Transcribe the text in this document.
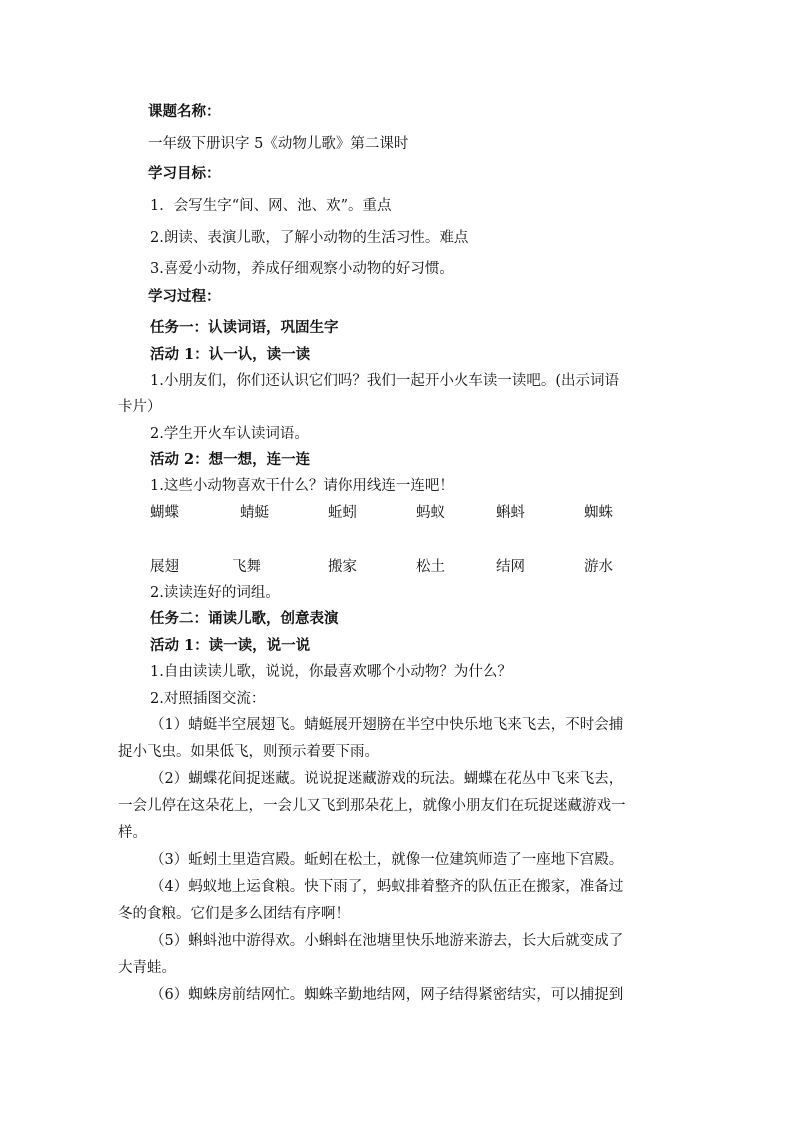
课题名称：
一年级下册识字 5《动物儿歌》第二课时
学习目标：
1．会写生字“间、网、池、欢”。重点
2.朗读、表演儿歌，了解小动物的生活习性。难点
3.喜爱小动物，养成仔细观察小动物的好习惯。
学习过程：
任务一：认读词语，巩固生字
活动 1：认一认，读一读
1.小朋友们，你们还认识它们吗？我们一起开小火车读一读吧。(出示词语
卡片）
2.学生开火车认读词语。
活动 2：想一想，连一连
1.这些小动物喜欢干什么？请你用线连一连吧！
蝴蝶	蜻蜓	蚯蚓	蚂蚁	蝌蚪	蜘蛛
展翅	飞舞	搬家	松土	结网	游水
2.读读连好的词组。
任务二：诵读儿歌，创意表演
活动 1：读一读，说一说
1.自由读读儿歌，说说，你最喜欢哪个小动物？为什么？
2.对照插图交流：
（1）蜻蜓半空展翅飞。蜻蜓展开翅膀在半空中快乐地飞来飞去，不时会捕
捉小飞虫。如果低飞，则预示着要下雨。
（2）蝴蝶花间捉迷藏。说说捉迷藏游戏的玩法。蝴蝶在花丛中飞来飞去，
一会儿停在这朵花上，一会儿又飞到那朵花上，就像小朋友们在玩捉迷藏游戏一
样。
（3）蚯蚓土里造宫殿。蚯蚓在松土，就像一位建筑师造了一座地下宫殿。
（4）蚂蚁地上运食粮。快下雨了，蚂蚁排着整齐的队伍正在搬家，准备过
冬的食粮。它们是多么团结有序啊！
（5）蝌蚪池中游得欢。小蝌蚪在池塘里快乐地游来游去，长大后就变成了
大青蛙。
（6）蜘蛛房前结网忙。蜘蛛辛勤地结网，网子结得紧密结实，可以捕捉到
